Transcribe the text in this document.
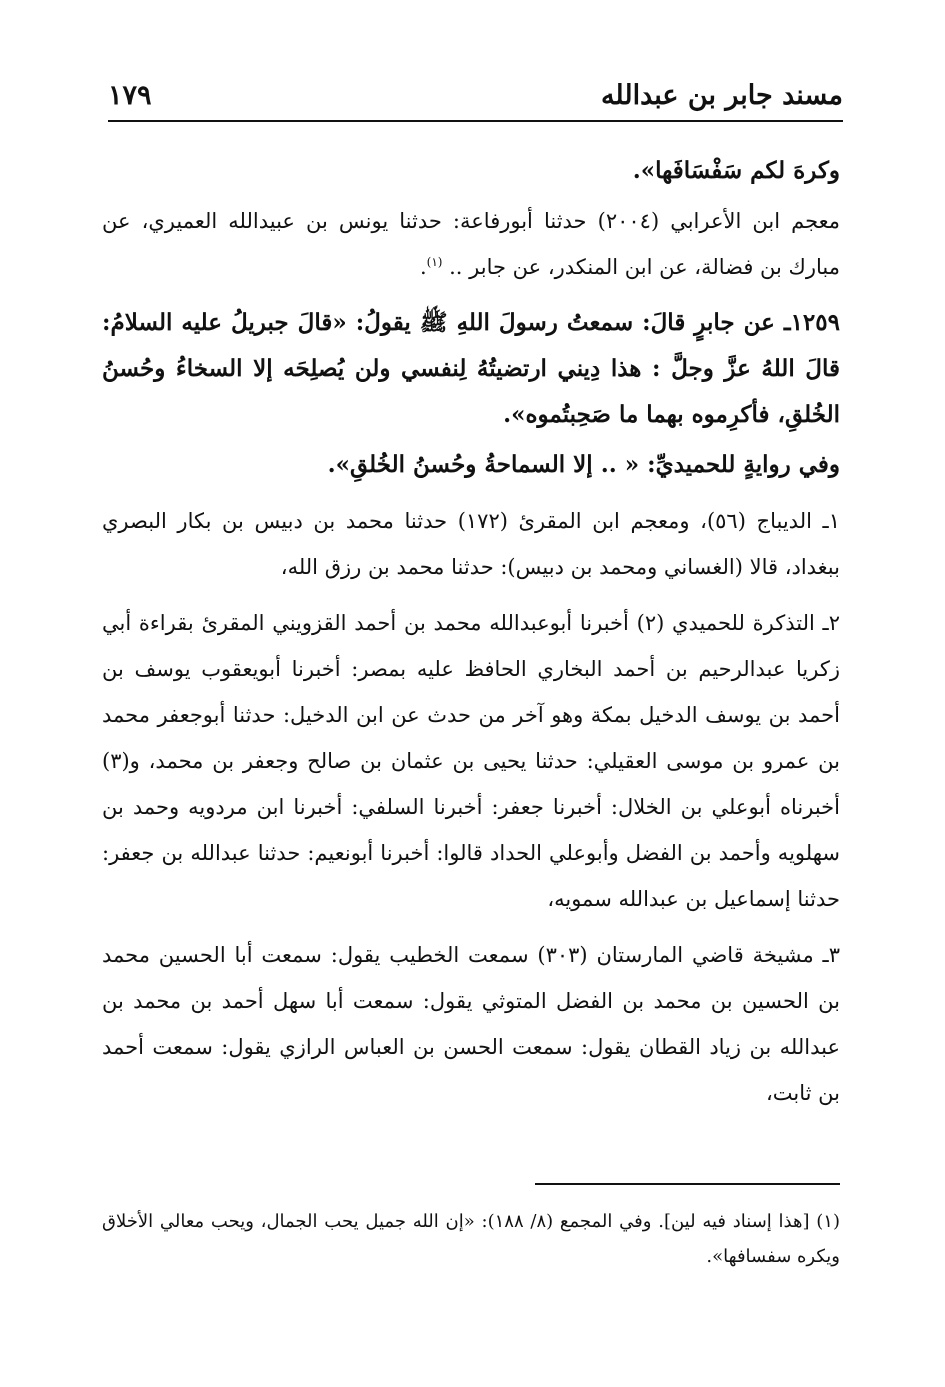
مسند جابر بن عبدالله
١٧٩

وكرهَ لكم سَفْسَافَها».

معجم ابن الأعرابي (٢٠٠٤) حدثنا أبورفاعة: حدثنا يونس بن عبيدالله العميري، عن مبارك بن فضالة، عن ابن المنكدر، عن جابر .. $^{(١)}$.

١٢٥٩ـ عن جابرٍ قالَ: سمعتُ رسولَ اللهِ ﷺ يقولُ: «قالَ جبريلُ عليه السلامُ: قالَ اللهُ عزَّ وجلَّ : هذا دِيني ارتضيتُهُ لِنفسي ولن يُصلِحَه إلا السخاءُ وحُسنُ الخُلقِ، فأكرِموه بهما ما صَحِبتُموه».

وفي روايةٍ للحميديِّ: « .. إلا السماحةُ وحُسنُ الخُلقِ».

١ـ الديباج (٥٦)، ومعجم ابن المقرئ (١٧٢) حدثنا محمد بن دبيس بن بكار البصري ببغداد، قالا (الغساني ومحمد بن دبيس): حدثنا محمد بن رزق الله،

٢ـ التذكرة للحميدي (٢) أخبرنا أبوعبدالله محمد بن أحمد القزويني المقرئ بقراءة أبي زكريا عبدالرحيم بن أحمد البخاري الحافظ عليه بمصر: أخبرنا أبويعقوب يوسف بن أحمد بن يوسف الدخيل بمكة وهو آخر من حدث عن ابن الدخيل: حدثنا أبوجعفر محمد بن عمرو بن موسى العقيلي: حدثنا يحيى بن عثمان بن صالح وجعفر بن محمد، و(٣) أخبرناه أبوعلي بن الخلال: أخبرنا جعفر: أخبرنا السلفي: أخبرنا ابن مردويه وحمد بن سهلويه وأحمد بن الفضل وأبوعلي الحداد قالوا: أخبرنا أبونعيم: حدثنا عبدالله بن جعفر: حدثنا إسماعيل بن عبدالله سمويه،

٣ـ مشيخة قاضي المارستان (٣٠٣) سمعت الخطيب يقول: سمعت أبا الحسين محمد بن الحسين بن محمد بن الفضل المتوثي يقول: سمعت أبا سهل أحمد بن محمد بن عبدالله بن زياد القطان يقول: سمعت الحسن بن العباس الرازي يقول: سمعت أحمد بن ثابت،

(١) [هذا إسناد فيه لين]. وفي المجمع (٨/ ١٨٨): «إن الله جميل يحب الجمال، ويحب معالي الأخلاق ويكره سفسافها».
